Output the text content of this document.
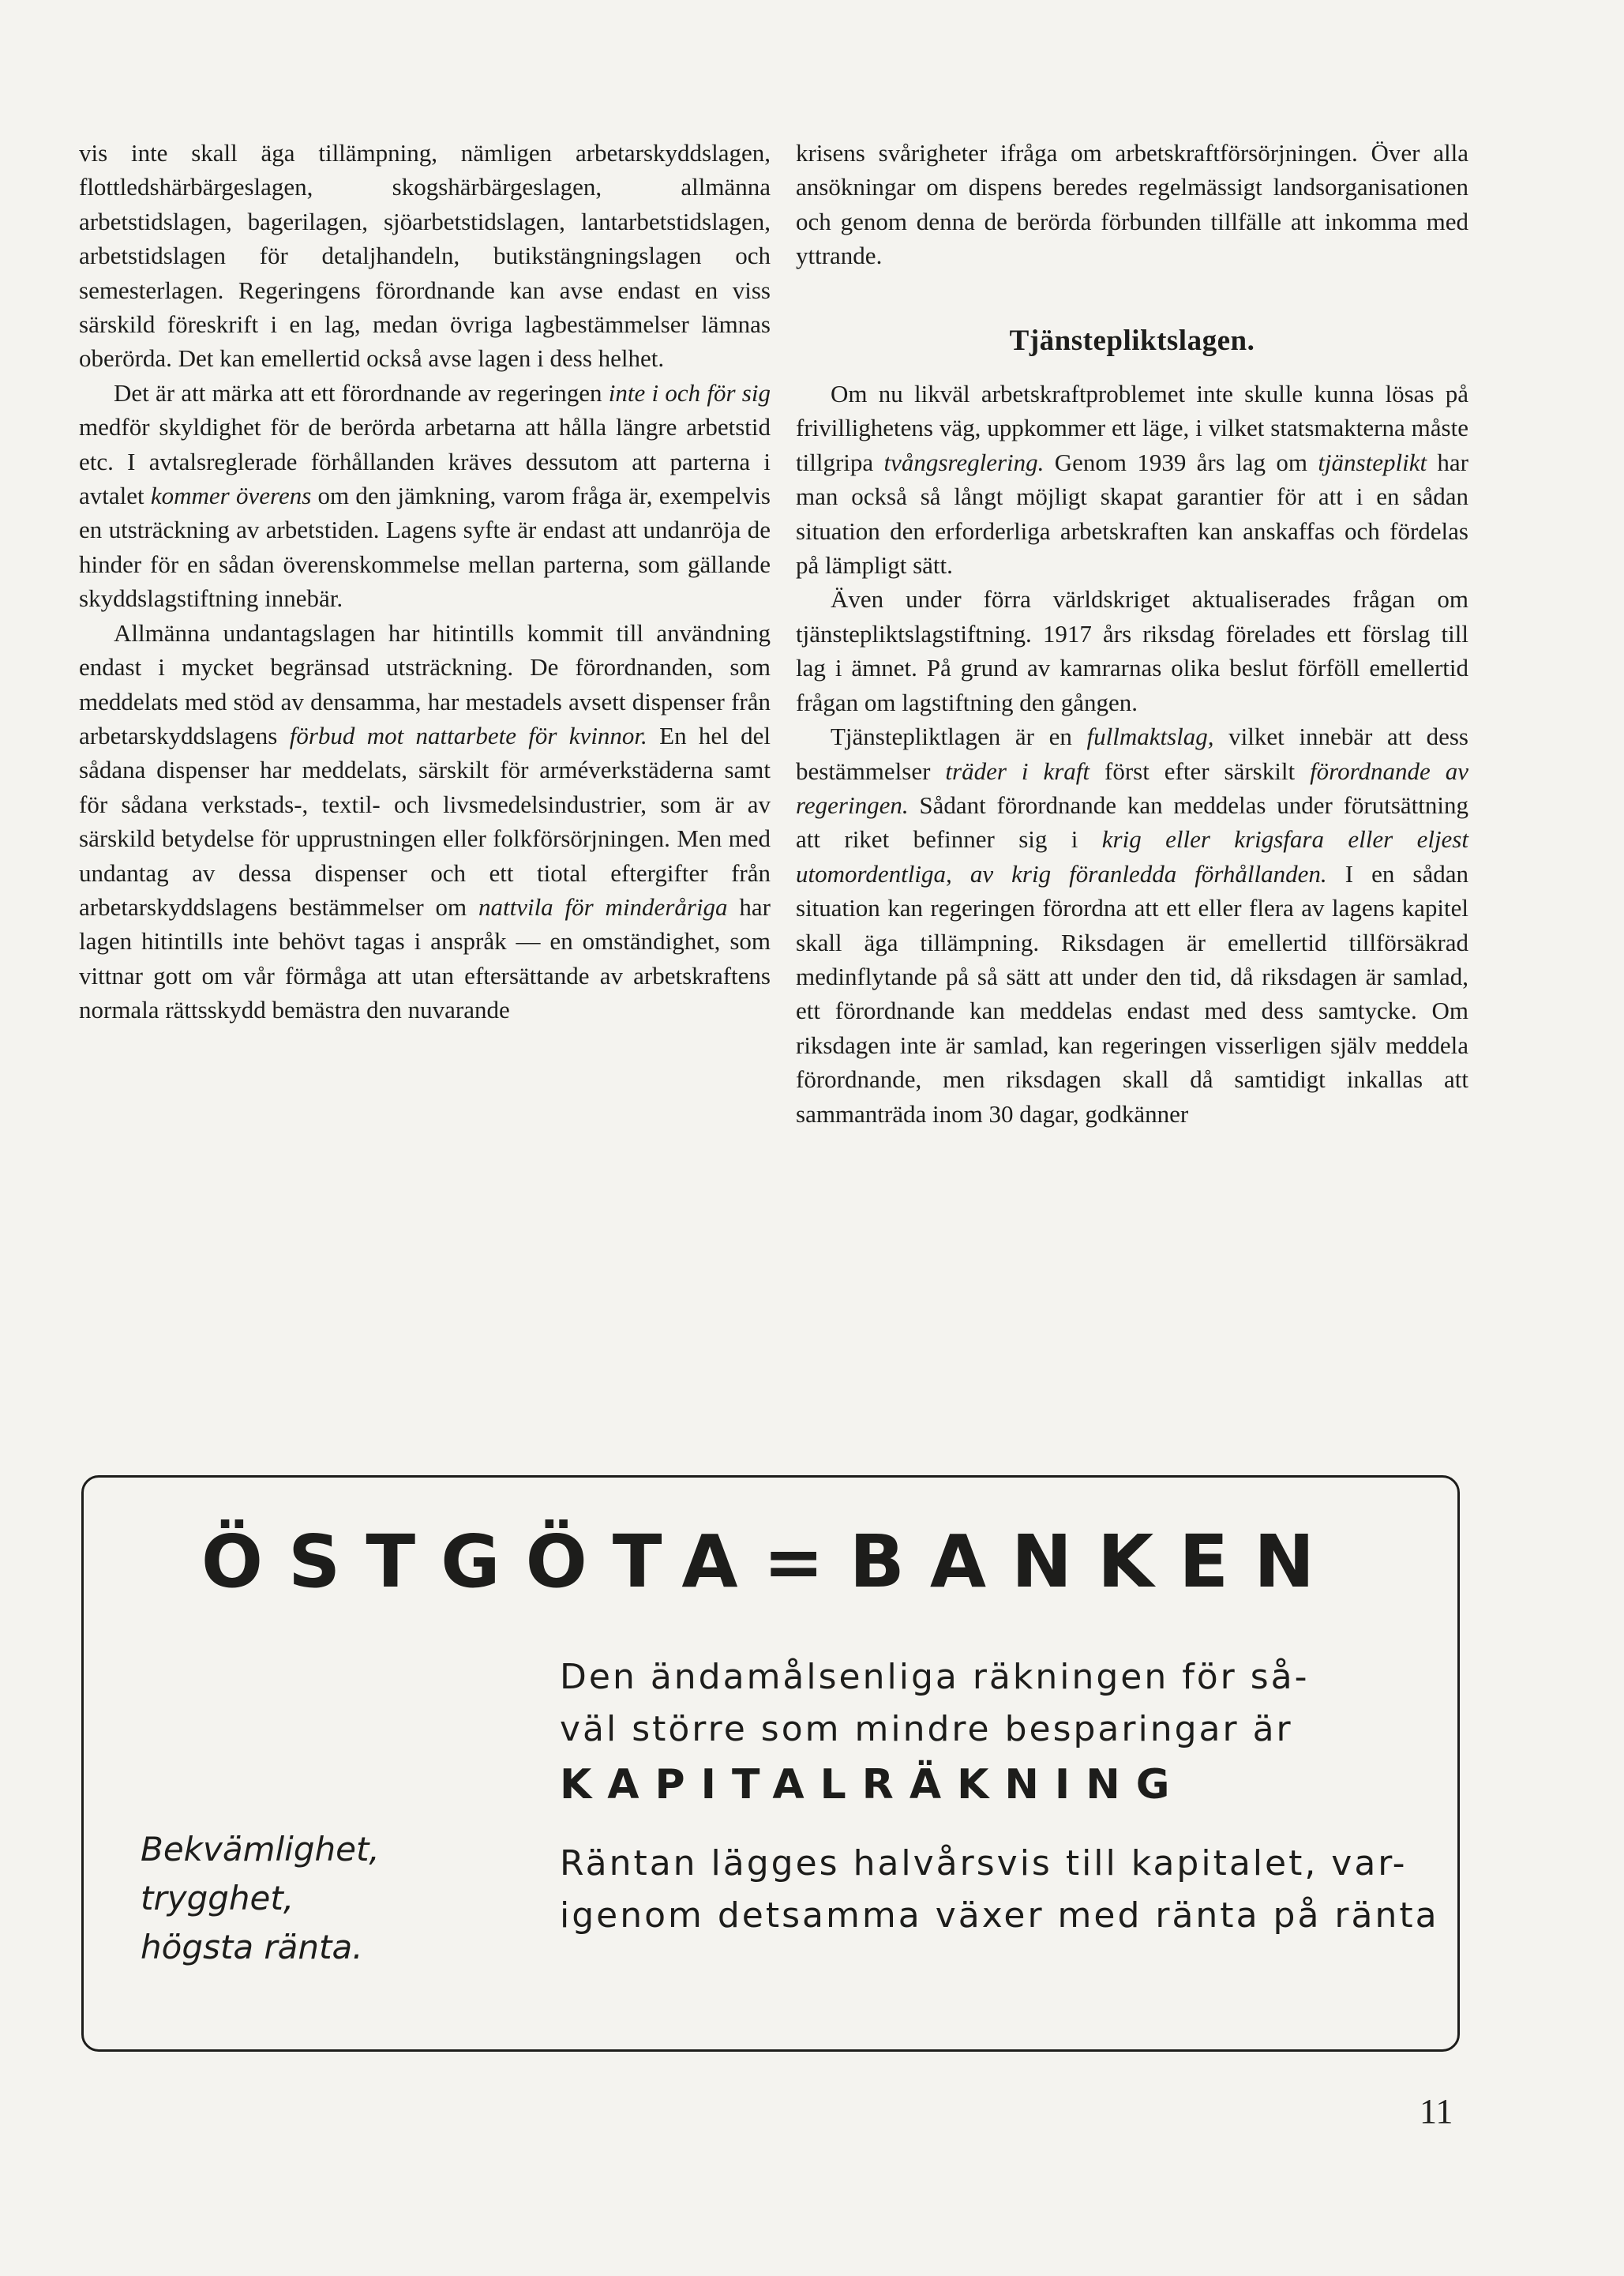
vis inte skall äga tillämpning, nämligen arbetarskyddslagen, flottledshärbärgeslagen, skogshärbärgeslagen, allmänna arbetstidslagen, bagerilagen, sjöarbetstidslagen, lantarbetstidslagen, arbetstidslagen för detaljhandeln, butikstängningslagen och semesterlagen. Regeringens förordnande kan avse endast en viss särskild föreskrift i en lag, medan övriga lagbestämmelser lämnas oberörda. Det kan emellertid också avse lagen i dess helhet.

Det är att märka att ett förordnande av regeringen inte i och för sig medför skyldighet för de berörda arbetarna att hålla längre arbetstid etc. I avtalsreglerade förhållanden kräves dessutom att parterna i avtalet kommer överens om den jämkning, varom fråga är, exempelvis en utsträckning av arbetstiden. Lagens syfte är endast att undanröja de hinder för en sådan överenskommelse mellan parterna, som gällande skyddslagstiftning innebär.

Allmänna undantagslagen har hitintills kommit till användning endast i mycket begränsad utsträckning. De förordnanden, som meddelats med stöd av densamma, har mestadels avsett dispenser från arbetarskyddslagens förbud mot nattarbete för kvinnor. En hel del sådana dispenser har meddelats, särskilt för arméverkstäderna samt för sådana verkstads-, textil- och livsmedelsindustrier, som är av särskild betydelse för upprustningen eller folkförsörjningen. Men med undantag av dessa dispenser och ett tiotal eftergifter från arbetarskyddslagens bestämmelser om nattvila för minderåriga har lagen hitintills inte behövt tagas i anspråk — en omständighet, som vittnar gott om vår förmåga att utan eftersättande av arbetskraftens normala rättsskydd bemästra den nuvarande

krisens svårigheter ifråga om arbetskraftförsörjningen. Över alla ansökningar om dispens beredes regelmässigt landsorganisationen och genom denna de berörda förbunden tillfälle att inkomma med yttrande.

Tjänstepliktslagen.

Om nu likväl arbetskraftproblemet inte skulle kunna lösas på frivillighetens väg, uppkommer ett läge, i vilket statsmakterna måste tillgripa tvångsreglering. Genom 1939 års lag om tjänsteplikt har man också så långt möjligt skapat garantier för att i en sådan situation den erforderliga arbetskraften kan anskaffas och fördelas på lämpligt sätt.

Även under förra världskriget aktualiserades frågan om tjänstepliktslagstiftning. 1917 års riksdag förelades ett förslag till lag i ämnet. På grund av kamrarnas olika beslut förföll emellertid frågan om lagstiftning den gången.

Tjänstepliktlagen är en fullmaktslag, vilket innebär att dess bestämmelser träder i kraft först efter särskilt förordnande av regeringen. Sådant förordnande kan meddelas under förutsättning att riket befinner sig i krig eller krigsfara eller eljest utomordentliga, av krig föranledda förhållanden. I en sådan situation kan regeringen förordna att ett eller flera av lagens kapitel skall äga tillämpning. Riksdagen är emellertid tillförsäkrad medinflytande på så sätt att under den tid, då riksdagen är samlad, ett förordnande kan meddelas endast med dess samtycke. Om riksdagen inte är samlad, kan regeringen visserligen själv meddela förordnande, men riksdagen skall då samtidigt inkallas att sammanträda inom 30 dagar, godkänner

ÖSTGÖTA=BANKEN
Den ändamålsenliga räkningen för så-
väl större som mindre besparingar är
KAPITALRÄKNING
Räntan lägges halvårsvis till kapitalet, var-
igenom detsamma växer med ränta på ränta
Bekvämlighet,
trygghet,
högsta ränta.
11
